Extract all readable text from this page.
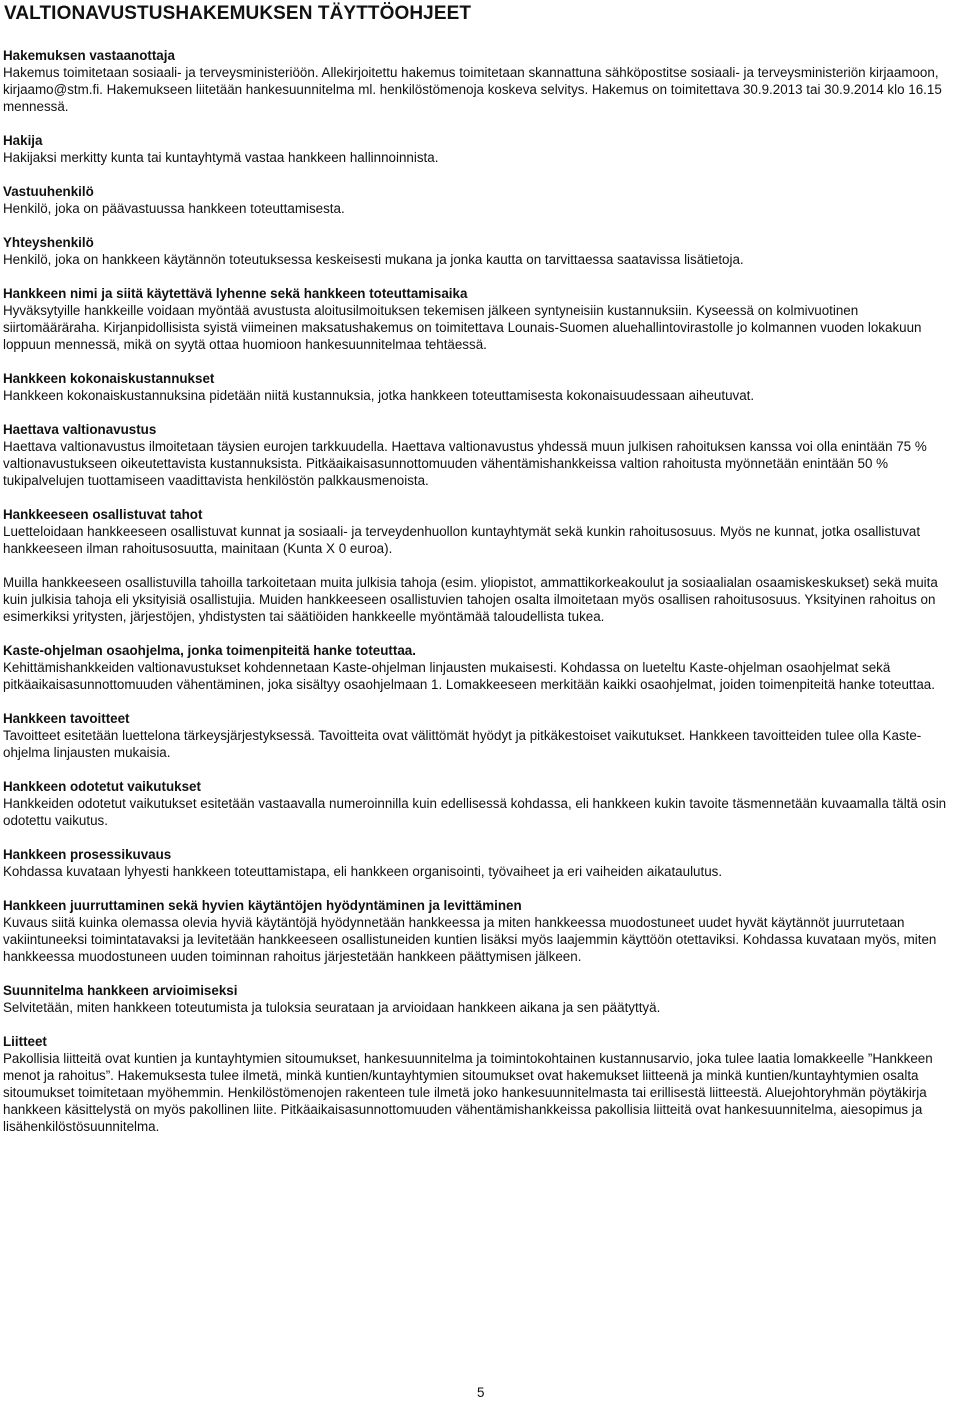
VALTIONAVUSTUSHAKEMUKSEN TÄYTTÖOHJEET
Hakemuksen vastaanottaja
Hakemus toimitetaan sosiaali- ja terveysministeriöön. Allekirjoitettu hakemus toimitetaan skannattuna sähköpostitse sosiaali- ja terveysministeriön kirjaamoon, kirjaamo@stm.fi. Hakemukseen liitetään hankesuunnitelma ml. henkilöstömenoja koskeva selvitys. Hakemus on toimitettava 30.9.2013 tai 30.9.2014 klo 16.15 mennessä.
Hakija
Hakijaksi merkitty kunta tai kuntayhtymä vastaa hankkeen hallinnoinnista.
Vastuuhenkilö
Henkilö, joka on päävastuussa hankkeen toteuttamisesta.
Yhteyshenkilö
Henkilö, joka on hankkeen käytännön toteutuksessa keskeisesti mukana ja jonka kautta on tarvittaessa saatavissa lisätietoja.
Hankkeen nimi ja siitä käytettävä lyhenne sekä hankkeen toteuttamisaika
Hyväksytyille hankkeille voidaan myöntää avustusta aloitusilmoituksen tekemisen jälkeen syntyneisiin kustannuksiin. Kyseessä on kolmivuotinen siirtomääräraha. Kirjanpidollisista syistä viimeinen maksatushakemus on toimitettava Lounais-Suomen aluehallintovirastolle jo kolmannen vuoden lokakuun loppuun mennessä, mikä on syytä ottaa huomioon hankesuunnitelmaa tehtäessä.
Hankkeen kokonaiskustannukset
Hankkeen kokonaiskustannuksina pidetään niitä kustannuksia, jotka hankkeen toteuttamisesta kokonaisuudessaan aiheutuvat.
Haettava valtionavustus
Haettava valtionavustus ilmoitetaan täysien eurojen tarkkuudella. Haettava valtionavustus yhdessä muun julkisen rahoituksen kanssa voi olla enintään 75 % valtionavustukseen oikeutettavista kustannuksista. Pitkäaikaisasunnottomuuden vähentämishankkeissa valtion rahoitusta myönnetään enintään 50 % tukipalvelujen tuottamiseen vaadittavista henkilöstön palkkausmenoista.
Hankkeeseen osallistuvat tahot
Luetteloidaan hankkeeseen osallistuvat kunnat ja sosiaali- ja terveydenhuollon kuntayhtymät sekä kunkin rahoitusosuus. Myös ne kunnat, jotka osallistuvat hankkeeseen ilman rahoitusosuutta, mainitaan (Kunta X 0 euroa).
Muilla hankkeeseen osallistuvilla tahoilla tarkoitetaan muita julkisia tahoja (esim. yliopistot, ammattikorkeakoulut ja sosiaalialan osaamiskeskukset) sekä muita kuin julkisia tahoja eli yksityisiä osallistujia. Muiden hankkeeseen osallistuvien tahojen osalta ilmoitetaan myös osallisen rahoitusosuus. Yksityinen rahoitus on esimerkiksi yritysten, järjestöjen, yhdistysten tai säätiöiden hankkeelle myöntämää taloudellista tukea.
Kaste-ohjelman osaohjelma, jonka toimenpiteitä hanke toteuttaa.
Kehittämishankkeiden valtionavustukset kohdennetaan Kaste-ohjelman linjausten mukaisesti. Kohdassa on lueteltu Kaste-ohjelman osaohjelmat sekä pitkäaikaisasunnottomuuden vähentäminen, joka sisältyy osaohjelmaan 1. Lomakkeeseen merkitään kaikki osaohjelmat, joiden toimenpiteitä hanke toteuttaa.
Hankkeen tavoitteet
Tavoitteet esitetään luettelona tärkeysjärjestyksessä. Tavoitteita ovat välittömät hyödyt ja pitkäkestoiset vaikutukset. Hankkeen tavoitteiden tulee olla Kaste-ohjelma linjausten mukaisia.
Hankkeen odotetut vaikutukset
Hankkeiden odotetut vaikutukset esitetään vastaavalla numeroinnilla kuin edellisessä kohdassa, eli hankkeen kukin tavoite täsmennetään kuvaamalla tältä osin odotettu vaikutus.
Hankkeen prosessikuvaus
Kohdassa kuvataan lyhyesti hankkeen toteuttamistapa, eli hankkeen organisointi, työvaiheet ja eri vaiheiden aikataulutus.
Hankkeen juurruttaminen sekä hyvien käytäntöjen hyödyntäminen ja levittäminen
Kuvaus siitä kuinka olemassa olevia hyviä käytäntöjä hyödynnetään hankkeessa ja miten hankkeessa muodostuneet uudet hyvät käytännöt juurrutetaan vakiintuneeksi toimintatavaksi ja levitetään hankkeeseen osallistuneiden kuntien lisäksi myös laajemmin käyttöön otettaviksi. Kohdassa kuvataan myös, miten hankkeessa muodostuneen uuden toiminnan rahoitus järjestetään hankkeen päättymisen jälkeen.
Suunnitelma hankkeen arvioimiseksi
Selvitetään, miten hankkeen toteutumista ja tuloksia seurataan ja arvioidaan hankkeen aikana ja sen päätyttyä.
Liitteet
Pakollisia liitteitä ovat kuntien ja kuntayhtymien sitoumukset, hankesuunnitelma ja toimintokohtainen kustannusarvio, joka tulee laatia lomakkeelle ”Hankkeen menot ja rahoitus”. Hakemuksesta tulee ilmetä, minkä kuntien/kuntayhtymien sitoumukset ovat hakemukset liitteenä ja minkä kuntien/kuntayhtymien osalta sitoumukset toimitetaan myöhemmin. Henkilöstömenojen rakenteen tule ilmetä joko hankesuunnitelmasta tai erillisestä liitteestä. Aluejohtoryhmän pöytäkirja hankkeen käsittelystä on myös pakollinen liite. Pitkäaikaisasunnottomuuden vähentämishankkeissa pakollisia liitteitä ovat hankesuunnitelma, aiesopimus ja lisähenkilöstösuunnitelma.
5
